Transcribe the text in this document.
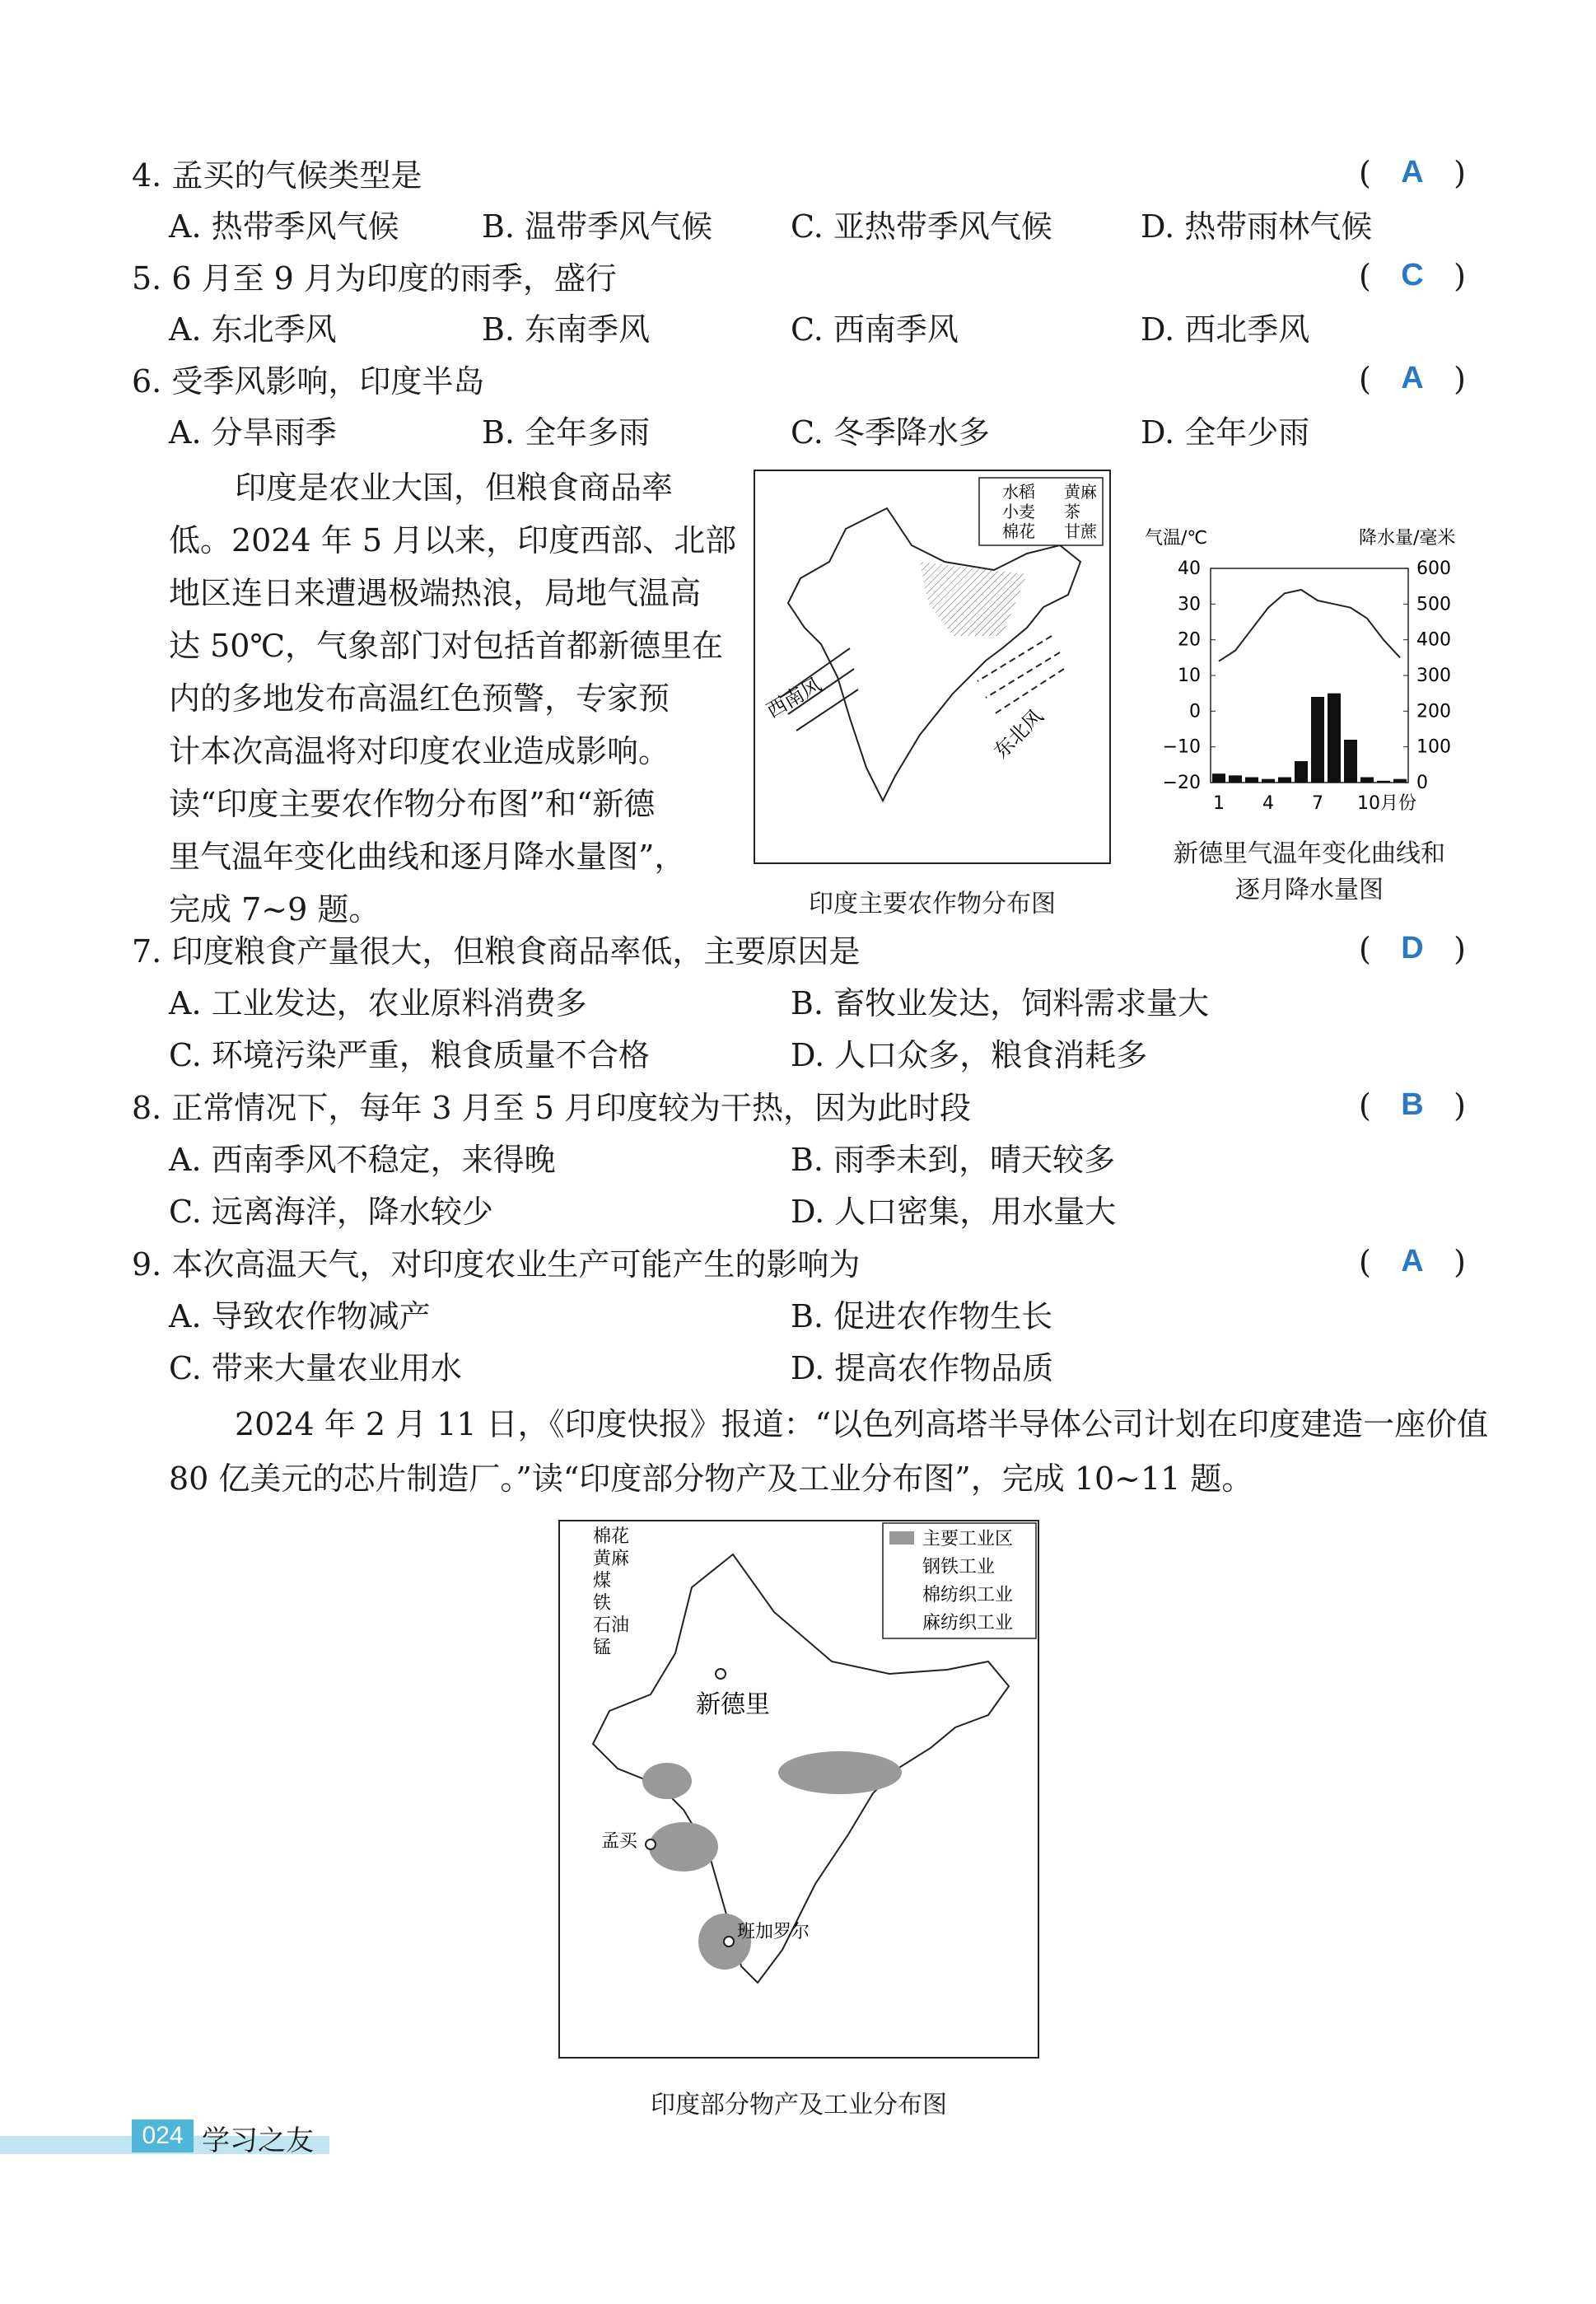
4. 孟买的气候类型是	( A )
A. 热带季风气候	B. 温带季风气候 C. 亚热带季风气候	D. 热带雨林气候
5. 6 月至 9 月为印度的雨季，盛行	( C )
A. 东北季风	B. 东南季风	C. 西南季风	D. 西北季风
6. 受季风影响，印度半岛	( A )
A. 分旱雨季	B. 全年多雨	C. 冬季降水多	D. 全年少雨
印度是农业大国，但粮食商品率
低。2024 年 5 月以来，印度西部、北部
地区连日来遭遇极端热浪，局地气温高
达 50℃，气象部门对包括首都新德里在
内的多地发布高温红色预警，专家预
计本次高温将对印度农业造成影响。
读“印度主要农作物分布图”和“新德
里气温年变化曲线和逐月降水量图”，
完成 7~9 题。
水稻 黄麻
小麦 茶
棉花 甘蔗
西南风
东北风
印度主要农作物分布图
气温/℃	降水量/毫米
40
30
20
10
0
−10
−20
600
500
400
300
200
100
0
1 4 7 10月份
新德里气温年变化曲线和
逐月降水量图
7. 印度粮食产量很大，但粮食商品率低，主要原因是	( D )
A. 工业发达，农业原料消费多	B. 畜牧业发达，饲料需求量大
C. 环境污染严重，粮食质量不合格	D. 人口众多，粮食消耗多
8. 正常情况下，每年 3 月至 5 月印度较为干热，因为此时段	( B )
A. 西南季风不稳定，来得晚	B. 雨季未到，晴天较多
C. 远离海洋，降水较少	D. 人口密集，用水量大
9. 本次高温天气，对印度农业生产可能产生的影响为	( A )
A. 导致农作物减产	B. 促进农作物生长
C. 带来大量农业用水	D. 提高农作物品质
2024 年 2 月 11 日，《印度快报》报道：“以色列高塔半导体公司计划在印度建造一座价值
80 亿美元的芯片制造厂。”读“印度部分物产及工业分布图”，完成 10~11 题。
新德里
孟买
班加罗尔
棉花
黄麻
煤
铁
石油
锰
主要工业区
钢铁工业
棉纺织工业
麻纺织工业
印度部分物产及工业分布图
024 学习之友
